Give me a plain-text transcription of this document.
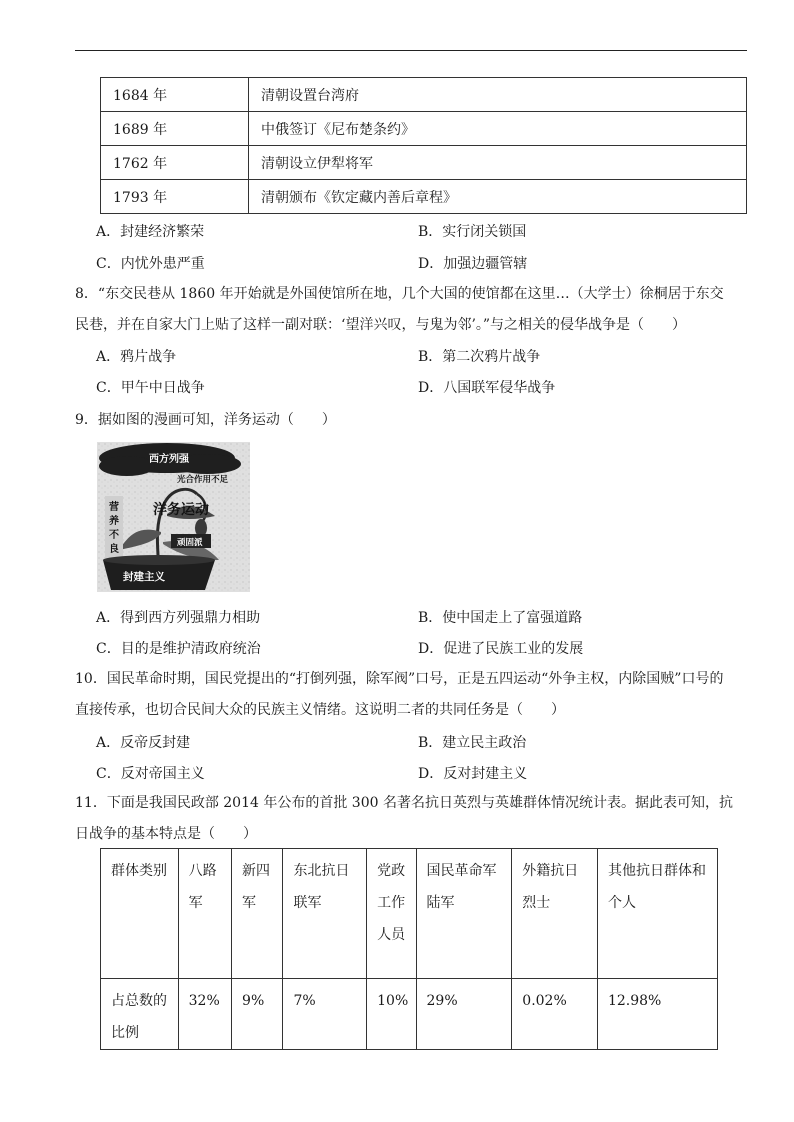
1684 年	清朝设置台湾府
1689 年	中俄签订《尼布楚条约》
1762 年	清朝设立伊犁将军
1793 年	清朝颁布《钦定藏内善后章程》
A．封建经济繁荣	B．实行闭关锁国
C．内忧外患严重	D．加强边疆管辖
8．“东交民巷从 1860 年开始就是外国使馆所在地，几个大国的使馆都在这里…（大学士）徐桐居于东交
民巷，并在自家大门上贴了这样一副对联：‘望洋兴叹，与鬼为邻’。”与之相关的侵华战争是（　　）
A．鸦片战争	B．第二次鸦片战争
C．甲午中日战争	D．八国联军侵华战争
9．据如图的漫画可知，洋务运动（　　）
西方列强
光合作用不足
洋务运动
顽固派
营 养 不 良
封建主义
A．得到西方列强鼎力相助	B．使中国走上了富强道路
C．目的是维护清政府统治	D．促进了民族工业的发展
10．国民革命时期，国民党提出的“打倒列强，除军阀”口号，正是五四运动“外争主权，内除国贼”口号的
直接传承，也切合民间大众的民族主义情绪。这说明二者的共同任务是（　　）
A．反帝反封建	B．建立民主政治
C．反对帝国主义	D．反对封建主义
11．下面是我国民政部 2014 年公布的首批 300 名著名抗日英烈与英雄群体情况统计表。据此表可知，抗
日战争的基本特点是（　　）
群体类别	八路军	新四军	东北抗日联军	党政工作人员	国民革命军陆军	外籍抗日烈士	其他抗日群体和个人
占总数的比例	32%	9%	7%	10%	29%	0.02%	12.98%
